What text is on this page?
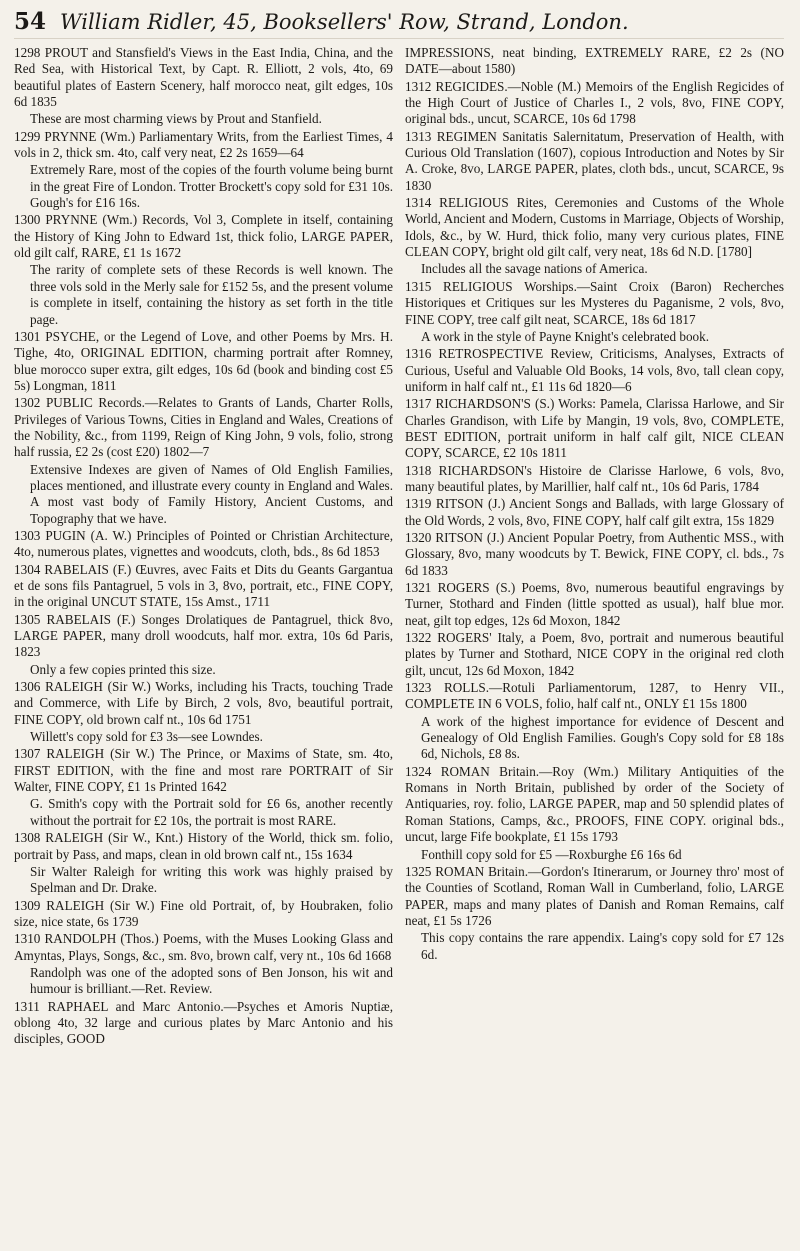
54 William Ridler, 45, Booksellers' Row, Strand, London.

1298 PROUT and Stansfield's Views in the East India, China, and the Red Sea, with Historical Text, by Capt. R. Elliott, 2 vols, 4to, 69 beautiful plates of Eastern Scenery, half morocco neat, gilt edges, 10s 6d 1835

These are most charming views by Prout and Stanfield.

1299 PRYNNE (Wm.) Parliamentary Writs, from the Earliest Times, 4 vols in 2, thick sm. 4to, calf very neat, £2 2s 1659—64

Extremely Rare, most of the copies of the fourth volume being burnt in the great Fire of London. Trotter Brockett's copy sold for £31 10s. Gough's for £16 16s.

1300 PRYNNE (Wm.) Records, Vol 3, Complete in itself, containing the History of King John to Edward 1st, thick folio, LARGE PAPER, old gilt calf, RARE, £1 1s 1672

The rarity of complete sets of these Records is well known. The three vols sold in the Merly sale for £152 5s, and the present volume is complete in itself, containing the history as set forth in the title page.

1301 PSYCHE, or the Legend of Love, and other Poems by Mrs. H. Tighe, 4to, ORIGINAL EDITION, charming portrait after Romney, blue morocco super extra, gilt edges, 10s 6d (book and binding cost £5 5s) Longman, 1811

1302 PUBLIC Records.—Relates to Grants of Lands, Charter Rolls, Privileges of Various Towns, Cities in England and Wales, Creations of the Nobility, &c., from 1199, Reign of King John, 9 vols, folio, strong half russia, £2 2s (cost £20) 1802—7

Extensive Indexes are given of Names of Old English Families, places mentioned, and illustrate every county in England and Wales. A most vast body of Family History, Ancient Customs, and Topography that we have.

1303 PUGIN (A. W.) Principles of Pointed or Christian Architecture, 4to, numerous plates, vignettes and woodcuts, cloth, bds., 8s 6d 1853

1304 RABELAIS (F.) Œuvres, avec Faits et Dits du Geants Gargantua et de sons fils Pantagruel, 5 vols in 3, 8vo, portrait, etc., FINE COPY, in the original UNCUT STATE, 15s Amst., 1711

1305 RABELAIS (F.) Songes Drolatiques de Pantagruel, thick 8vo, LARGE PAPER, many droll woodcuts, half mor. extra, 10s 6d Paris, 1823

Only a few copies printed this size.

1306 RALEIGH (Sir W.) Works, including his Tracts, touching Trade and Commerce, with Life by Birch, 2 vols, 8vo, beautiful portrait, FINE COPY, old brown calf nt., 10s 6d 1751

Willett's copy sold for £3 3s—see Lowndes.

1307 RALEIGH (Sir W.) The Prince, or Maxims of State, sm. 4to, FIRST EDITION, with the fine and most rare PORTRAIT of Sir Walter, FINE COPY, £1 1s Printed 1642

G. Smith's copy with the Portrait sold for £6 6s, another recently without the portrait for £2 10s, the portrait is most RARE.

1308 RALEIGH (Sir W., Knt.) History of the World, thick sm. folio, portrait by Pass, and maps, clean in old brown calf nt., 15s 1634

Sir Walter Raleigh for writing this work was highly praised by Spelman and Dr. Drake.

1309 RALEIGH (Sir W.) Fine old Portrait, of, by Houbraken, folio size, nice state, 6s 1739

1310 RANDOLPH (Thos.) Poems, with the Muses Looking Glass and Amyntas, Plays, Songs, &c., sm. 8vo, brown calf, very nt., 10s 6d 1668

Randolph was one of the adopted sons of Ben Jonson, his wit and humour is brilliant.—Ret. Review.

1311 RAPHAEL and Marc Antonio.—Psyches et Amoris Nuptiæ, oblong 4to, 32 large and curious plates by Marc Antonio and his disciples, GOOD

IMPRESSIONS, neat binding, EXTREMELY RARE, £2 2s (NO DATE—about 1580)

1312 REGICIDES.—Noble (M.) Memoirs of the English Regicides of the High Court of Justice of Charles I., 2 vols, 8vo, FINE COPY, original bds., uncut, SCARCE, 10s 6d 1798

1313 REGIMEN Sanitatis Salernitatum, Preservation of Health, with Curious Old Translation (1607), copious Introduction and Notes by Sir A. Croke, 8vo, LARGE PAPER, plates, cloth bds., uncut, SCARCE, 9s 1830

1314 RELIGIOUS Rites, Ceremonies and Customs of the Whole World, Ancient and Modern, Customs in Marriage, Objects of Worship, Idols, &c., by W. Hurd, thick folio, many very curious plates, FINE CLEAN COPY, bright old gilt calf, very neat, 18s 6d N.D. [1780]

Includes all the savage nations of America.

1315 RELIGIOUS Worships.—Saint Croix (Baron) Recherches Historiques et Critiques sur les Mysteres du Paganisme, 2 vols, 8vo, FINE COPY, tree calf gilt neat, SCARCE, 18s 6d 1817

A work in the style of Payne Knight's celebrated book.

1316 RETROSPECTIVE Review, Criticisms, Analyses, Extracts of Curious, Useful and Valuable Old Books, 14 vols, 8vo, tall clean copy, uniform in half calf nt., £1 11s 6d 1820—6

1317 RICHARDSON'S (S.) Works: Pamela, Clarissa Harlowe, and Sir Charles Grandison, with Life by Mangin, 19 vols, 8vo, COMPLETE, BEST EDITION, portrait uniform in half calf gilt, NICE CLEAN COPY, SCARCE, £2 10s 1811

1318 RICHARDSON's Histoire de Clarisse Harlowe, 6 vols, 8vo, many beautiful plates, by Marillier, half calf nt., 10s 6d Paris, 1784

1319 RITSON (J.) Ancient Songs and Ballads, with large Glossary of the Old Words, 2 vols, 8vo, FINE COPY, half calf gilt extra, 15s 1829

1320 RITSON (J.) Ancient Popular Poetry, from Authentic MSS., with Glossary, 8vo, many woodcuts by T. Bewick, FINE COPY, cl. bds., 7s 6d 1833

1321 ROGERS (S.) Poems, 8vo, numerous beautiful engravings by Turner, Stothard and Finden (little spotted as usual), half blue mor. neat, gilt top edges, 12s 6d Moxon, 1842

1322 ROGERS' Italy, a Poem, 8vo, portrait and numerous beautiful plates by Turner and Stothard, NICE COPY in the original red cloth gilt, uncut, 12s 6d Moxon, 1842

1323 ROLLS.—Rotuli Parliamentorum, 1287, to Henry VII., COMPLETE IN 6 VOLS, folio, half calf nt., ONLY £1 15s 1800

A work of the highest importance for evidence of Descent and Genealogy of Old English Families. Gough's Copy sold for £8 18s 6d, Nichols, £8 8s.

1324 ROMAN Britain.—Roy (Wm.) Military Antiquities of the Romans in North Britain, published by order of the Society of Antiquaries, roy. folio, LARGE PAPER, map and 50 splendid plates of Roman Stations, Camps, &c., PROOFS, FINE COPY. original bds., uncut, large Fife bookplate, £1 15s 1793

Fonthill copy sold for £5 —Roxburghe £6 16s 6d

1325 ROMAN Britain.—Gordon's Itinerarum, or Journey thro' most of the Counties of Scotland, Roman Wall in Cumberland, folio, LARGE PAPER, maps and many plates of Danish and Roman Remains, calf neat, £1 5s 1726

This copy contains the rare appendix. Laing's copy sold for £7 12s 6d.
